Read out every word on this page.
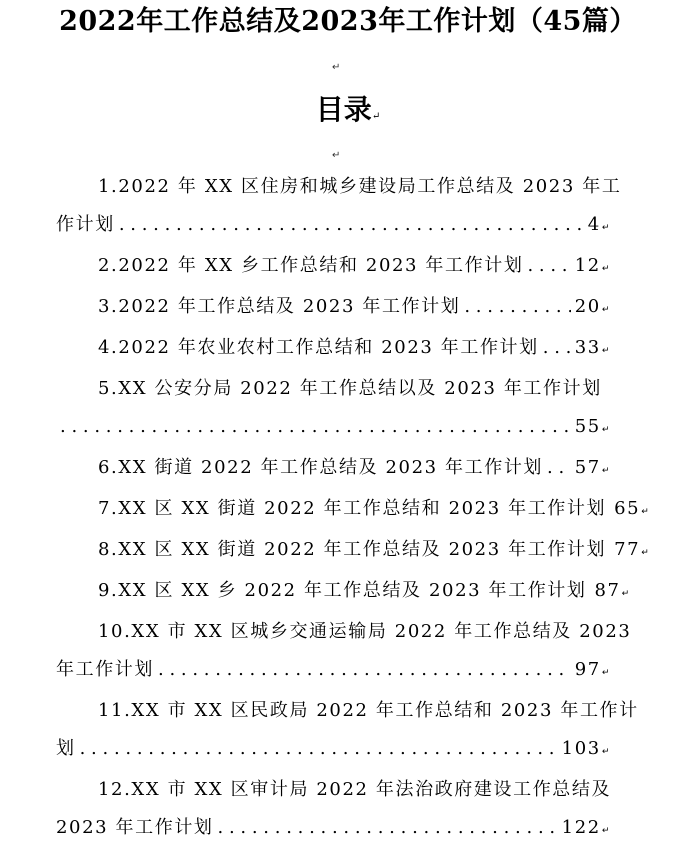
2022年工作总结及2023年工作计划（45篇）
↵
目录↵
↵
1.2022 年 XX 区住房和城乡建设局工作总结及 2023 年工
作计划 . . .	4 ↵
2.2022 年 XX 乡工作总结和 2023 年工作计划 . . .	12 ↵
3.2022 年工作总结及 2023 年工作计划 . . .	20 ↵
4.2022 年农业农村工作总结和 2023 年工作计划 . . . 33 ↵
5.XX 公安分局 2022 年工作总结以及 2023 年工作计划
. . .
55 ↵
6.XX 街道 2022 年工作总结及 2023 年工作计划 . . . 57 ↵
7.XX 区 XX 街道 2022 年工作总结和 2023 年工作计划 65 ↵
8.XX 区 XX 街道 2022 年工作总结及 2023 年工作计划 77 ↵
9.XX 区 XX 乡 2022 年工作总结及 2023 年工作计划 87 ↵
10.XX 市 XX 区城乡交通运输局 2022 年工作总结及 2023
年工作计划 . . .	97 ↵
11.XX 市 XX 区民政局 2022 年工作总结和 2023 年工作计
划 . . .	103 ↵
12.XX 市 XX 区审计局 2022 年法治政府建设工作总结及
2023 年工作计划 . . .	122 ↵
